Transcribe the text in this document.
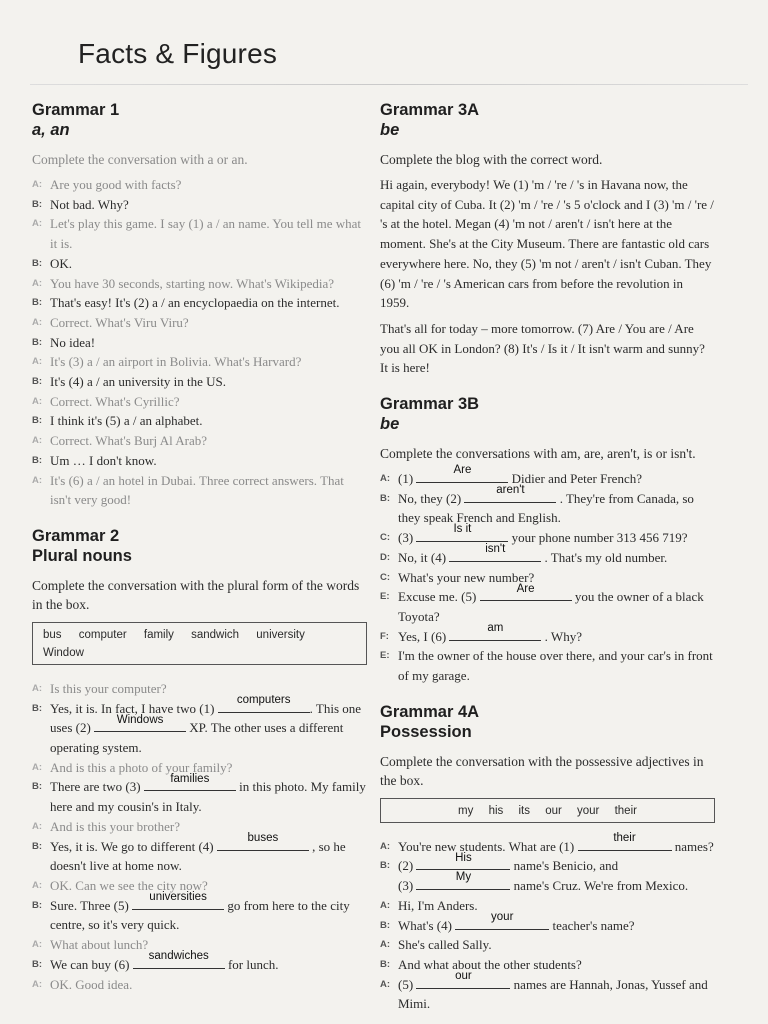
Facts & Figures
Grammar 1
a, an
Complete the conversation with a or an.
A: Are you good with facts?
B: Not bad. Why?
A: Let's play this game. I say (1) a / an name. You tell me what it is.
B: OK.
A: You have 30 seconds, starting now. What's Wikipedia?
B: That's easy! It's (2) a / an encyclopaedia on the internet.
A: Correct. What's Viru Viru?
B: No idea!
A: It's (3) a / an airport in Bolivia. What's Harvard?
B: It's (4) a / an university in the US.
A: Correct. What's Cyrillic?
B: I think it's (5) a / an alphabet.
A: Correct. What's Burj Al Arab?
B: Um … I don't know.
A: It's (6) a / an hotel in Dubai. Three correct answers. That isn't very good!
Grammar 2
Plural nouns
Complete the conversation with the plural form of the words in the box.
bus computer family sandwich university Window
A: Is this your computer?
B: Yes, it is. In fact, I have two (1)
computers
. This one uses (2)
Windows
XP. The other uses a different operating system.
A: And is this a photo of your family?
B: There are two (3)
families
in this photo. My family here and my cousin's in Italy.
A: And is this your brother?
B: Yes, it is. We go to different (4)
buses
, so he doesn't live at home now.
A: OK. Can we see the city now?
B: Sure. Three (5)
universities
go from here to the city centre, so it's very quick.
A: What about lunch?
B: We can buy (6)
sandwiches
for lunch.
A: OK. Good idea.
Grammar 3A
be
Complete the blog with the correct word.
Hi again, everybody! We (1) 'm / 're / 's in Havana now, the capital city of Cuba. It (2) 'm / 're / 's 5 o'clock and I (3) 'm / 're / 's at the hotel. Megan (4) 'm not / aren't / isn't here at the moment. She's at the City Museum. There are fantastic old cars everywhere here. No, they (5) 'm not / aren't / isn't Cuban. They (6) 'm / 're / 's American cars from before the revolution in 1959.
That's all for today – more tomorrow. (7) Are / You are / Are you all OK in London? (8) It's / Is it / It isn't warm and sunny? It is here!
Grammar 3B
be
Complete the conversations with am, are, aren't, is or isn't.
A: (1)
Are
Didier and Peter French?
B: No, they (2)
aren't
. They're from Canada, so they speak French and English.
C: (3)
Is it
your phone number 313 456 719?
D: No, it (4)
isn't
. That's my old number.
C: What's your new number?
E: Excuse me. (5)
Are
you the owner of a black Toyota?
F: Yes, I (6)
am
. Why?
E: I'm the owner of the house over there, and your car's in front of my garage.
Grammar 4A
Possession
Complete the conversation with the possessive adjectives in the box.
my his its our your their
A: You're new students. What are (1)
their
names?
B: (2)
His
name's Benicio, and
(3)
My
name's Cruz. We're from Mexico.
A: Hi, I'm Anders.
B: What's (4)
your
teacher's name?
A: She's called Sally.
B: And what about the other students?
A: (5)
our
names are Hannah, Jonas, Yussef and Mimi.
